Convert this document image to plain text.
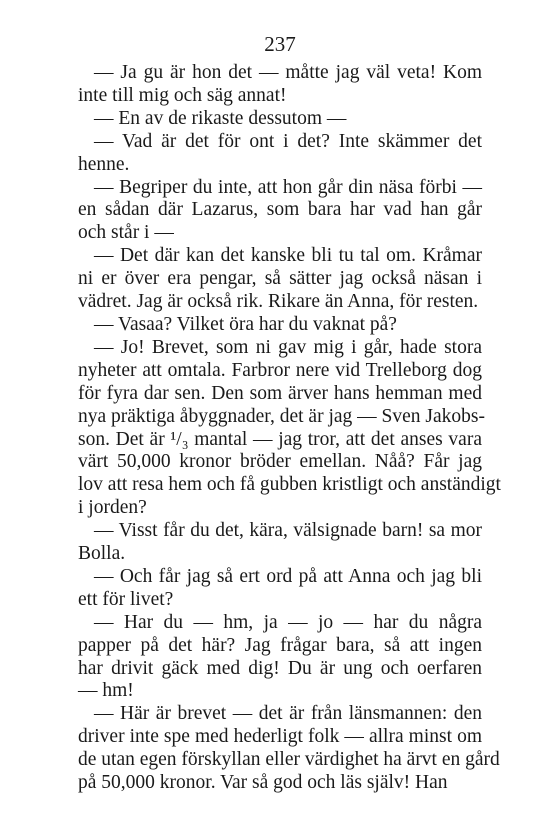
237

— Ja gu är hon det — måtte jag väl veta! Kom
inte till mig och säg annat!

— En av de rikaste dessutom —

— Vad är det för ont i det? Inte skämmer det
henne.

— Begriper du inte, att hon går din näsa förbi —
en sådan där Lazarus, som bara har vad han går
och står i —

— Det där kan det kanske bli tu tal om. Kråmar
ni er över era pengar, så sätter jag också näsan i
vädret. Jag är också rik. Rikare än Anna, för resten.

— Vasaa? Vilket öra har du vaknat på?

— Jo! Brevet, som ni gav mig i går, hade stora
nyheter att omtala. Farbror nere vid Trelleborg dog
för fyra dar sen. Den som ärver hans hemman med
nya präktiga åbyggnader, det är jag — Sven Jakobs-
son. Det är ¹/₃ mantal — jag tror, att det anses vara
värt 50,000 kronor bröder emellan. Nåå? Får jag
lov att resa hem och få gubben kristligt och anständigt
i jorden?

— Visst får du det, kära, välsignade barn! sa mor
Bolla.

— Och får jag så ert ord på att Anna och jag bli
ett för livet?

— Har du — hm, ja — jo — har du några
papper på det här? Jag frågar bara, så att ingen
har drivit gäck med dig! Du är ung och oerfaren
— hm!

— Här är brevet — det är från länsmannen: den
driver inte spe med hederligt folk — allra minst om
de utan egen förskyllan eller värdighet ha ärvt en gård
på 50,000 kronor. Var så god och läs själv! Han
